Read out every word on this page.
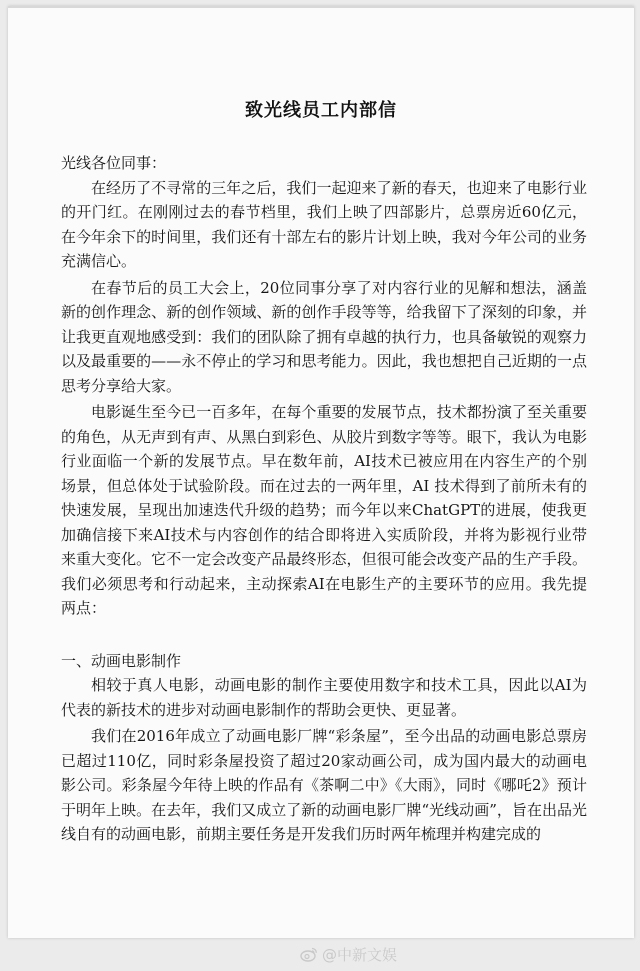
致光线员工内部信

光线各位同事：

在经历了不寻常的三年之后，我们一起迎来了新的春天，也迎来了电影行业的开门红。在刚刚过去的春节档里，我们上映了四部影片，总票房近60亿元，在今年余下的时间里，我们还有十部左右的影片计划上映，我对今年公司的业务充满信心。

在春节后的员工大会上，20位同事分享了对内容行业的见解和想法，涵盖新的创作理念、新的创作领域、新的创作手段等等，给我留下了深刻的印象，并让我更直观地感受到：我们的团队除了拥有卓越的执行力，也具备敏锐的观察力以及最重要的——永不停止的学习和思考能力。因此，我也想把自己近期的一点思考分享给大家。

电影诞生至今已一百多年，在每个重要的发展节点，技术都扮演了至关重要的角色，从无声到有声、从黑白到彩色、从胶片到数字等等。眼下，我认为电影行业面临一个新的发展节点。早在数年前，AI技术已被应用在内容生产的个别场景，但总体处于试验阶段。而在过去的一两年里，AI 技术得到了前所未有的快速发展，呈现出加速迭代升级的趋势；而今年以来ChatGPT的进展，使我更加确信接下来AI技术与内容创作的结合即将进入实质阶段，并将为影视行业带来重大变化。它不一定会改变产品最终形态，但很可能会改变产品的生产手段。我们必须思考和行动起来，主动探索AI在电影生产的主要环节的应用。我先提两点：

一、动画电影制作

相较于真人电影，动画电影的制作主要使用数字和技术工具，因此以AI为代表的新技术的进步对动画电影制作的帮助会更快、更显著。

我们在2016年成立了动画电影厂牌“彩条屋”，至今出品的动画电影总票房已超过110亿，同时彩条屋投资了超过20家动画公司，成为国内最大的动画电影公司。彩条屋今年待上映的作品有《茶啊二中》《大雨》，同时《哪吒2》预计于明年上映。在去年，我们又成立了新的动画电影厂牌“光线动画”，旨在出品光线自有的动画电影，前期主要任务是开发我们历时两年梳理并构建完成的

@中新文娱
